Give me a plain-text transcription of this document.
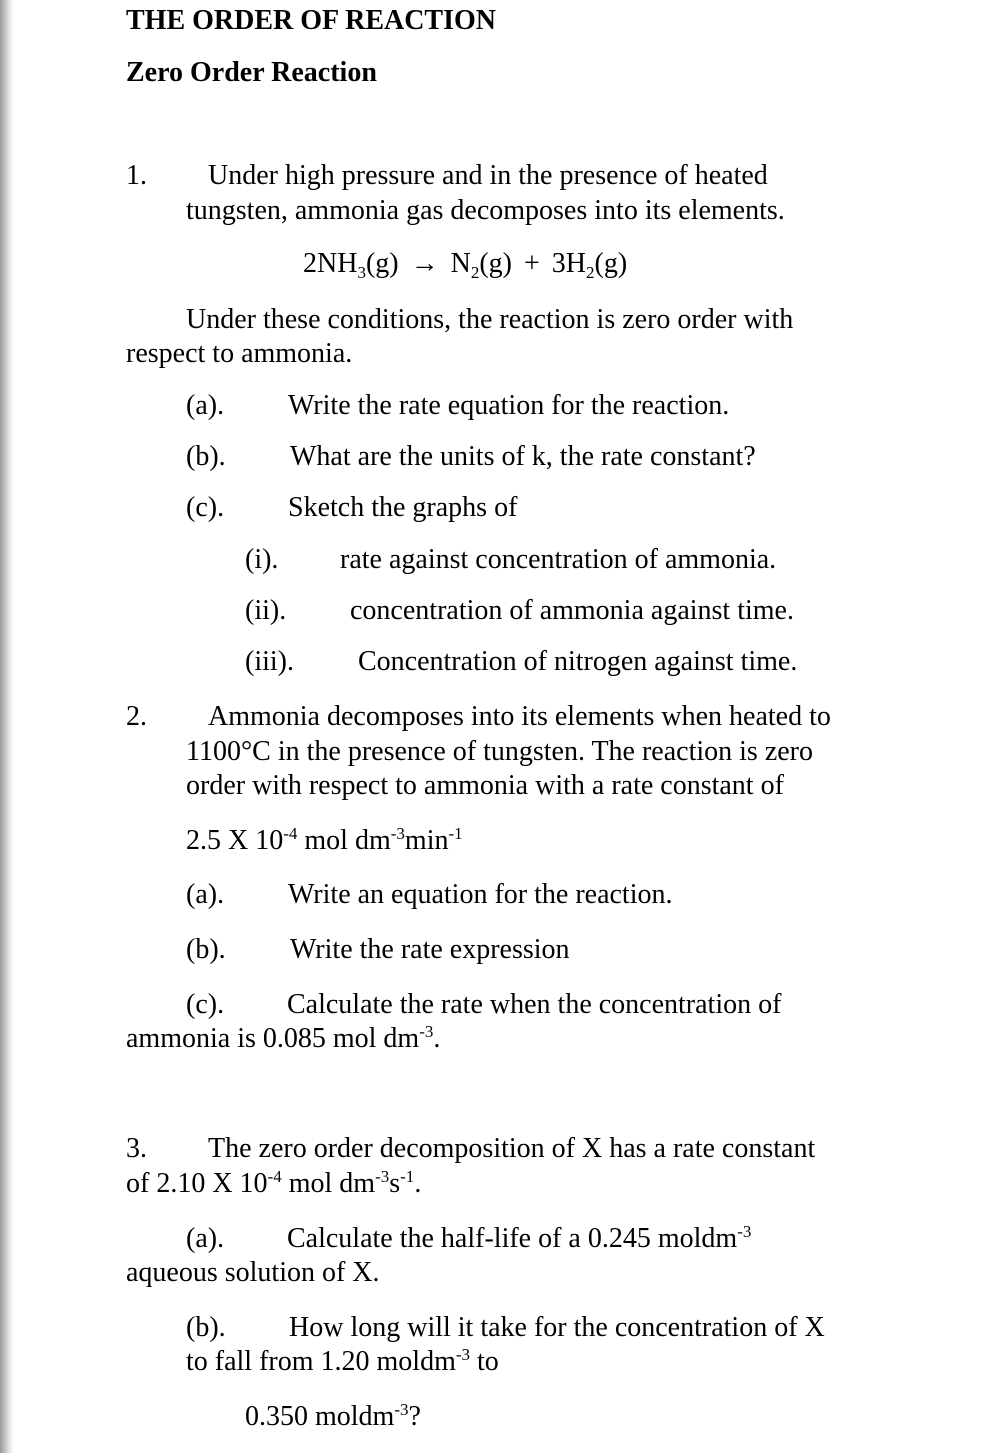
THE ORDER OF REACTION
Zero Order Reaction
1. Under high pressure and in the presence of heated
tungsten, ammonia gas decomposes into its elements.
$2NH_3(g) \to N_2(g) + 3H_2(g)$
Under these conditions, the reaction is zero order with
respect to ammonia.
(a). Write the rate equation for the reaction.
(b). What are the units of k, the rate constant?
(c). Sketch the graphs of
(i). rate against concentration of ammonia.
(ii). concentration of ammonia against time.
(iii). Concentration of nitrogen against time.
2. Ammonia decomposes into its elements when heated to
1100°C in the presence of tungsten. The reaction is zero
order with respect to ammonia with a rate constant of
2.5 X $10^{-4}$ mol $dm^{-3}\min^{-1}$
(a). Write an equation for the reaction.
(b). Write the rate expression
(c). Calculate the rate when the concentration of
ammonia is 0.085 mol $dm^{-3}$.
3. The zero order decomposition of X has a rate constant
of 2.10 X $10^{-4}$ mol $dm^{-3}s^{-1}$.
(a). Calculate the half-life of a 0.245 moldm$^{-3}$
aqueous solution of X.
(b). How long will it take for the concentration of X
to fall from 1.20 moldm$^{-3}$ to
0.350 moldm$^{-3}$?
